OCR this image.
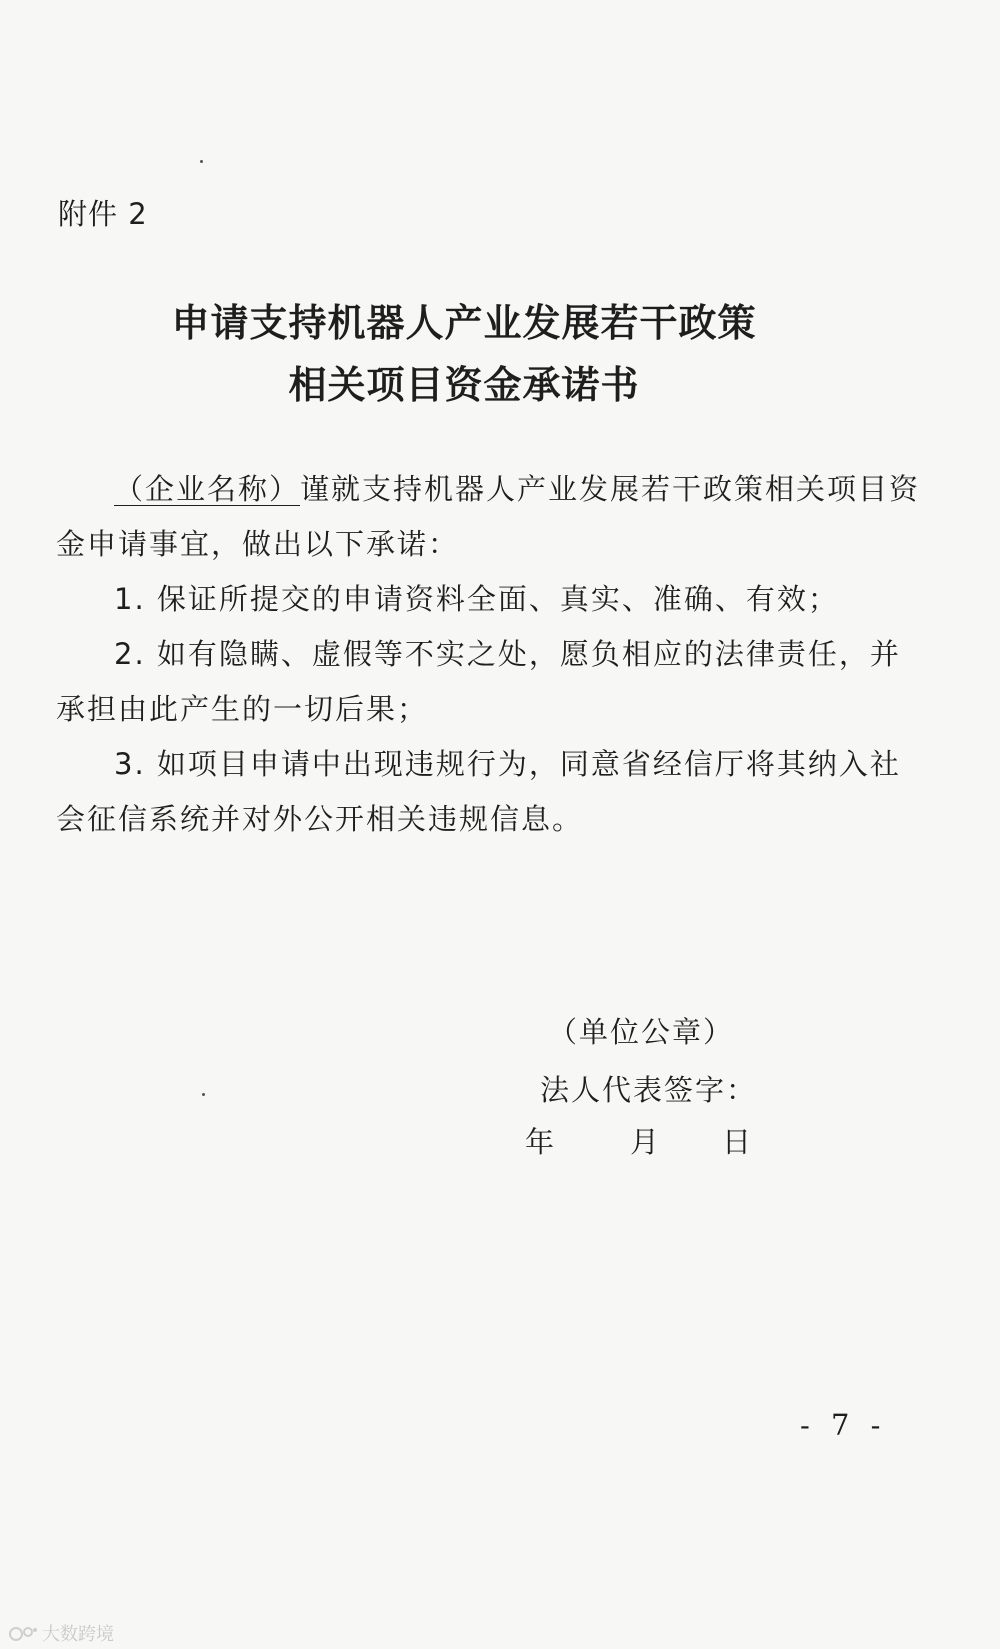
附件 2
申请支持机器人产业发展若干政策
相关项目资金承诺书
（企业名称）谨就支持机器人产业发展若干政策相关项目资
金申请事宜，做出以下承诺：
1. 保证所提交的申请资料全面、真实、准确、有效；
2. 如有隐瞒、虚假等不实之处，愿负相应的法律责任，并
承担由此产生的一切后果；
3. 如项目申请中出现违规行为，同意省经信厅将其纳入社
会征信系统并对外公开相关违规信息。
（单位公章）
法人代表签字：
年	月 日
- 7 -
大数跨境
